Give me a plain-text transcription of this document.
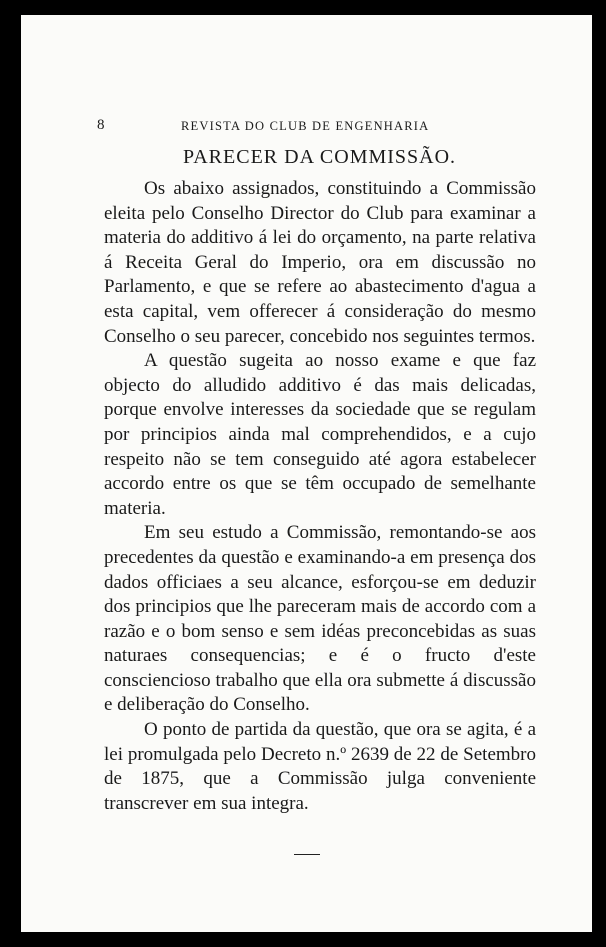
8	REVISTA DO CLUB DE ENGENHARIA
PARECER DA COMMISSÃO.

Os abaixo assignados, constituindo a Commissão eleita pelo Conselho Director do Club para examinar a materia do additivo á lei do orçamento, na parte relativa á Receita Geral do Imperio, ora em discussão no Parlamento, e que se refere ao abastecimento d'agua a esta capital, vem offerecer á consideração do mesmo Conselho o seu parecer, concebido nos seguintes termos.

A questão sugeita ao nosso exame e que faz objecto do alludido additivo é das mais delicadas, porque envolve interesses da sociedade que se regulam por principios ainda mal comprehendidos, e a cujo respeito não se tem conseguido até agora estabelecer accordo entre os que se têm occupado de semelhante materia.

Em seu estudo a Commissão, remontando-se aos precedentes da questão e examinando-a em presença dos dados officiaes a seu alcance, esforçou-se em deduzir dos principios que lhe pareceram mais de accordo com a razão e o bom senso e sem idéas preconcebidas as suas naturaes consequencias; e é o fructo d'este consciencioso trabalho que ella ora submette á discussão e deliberação do Conselho.

O ponto de partida da questão, que ora se agita, é a lei promulgada pelo Decreto n.º 2639 de 22 de Setembro de 1875, que a Commissão julga conveniente transcrever em sua integra.
